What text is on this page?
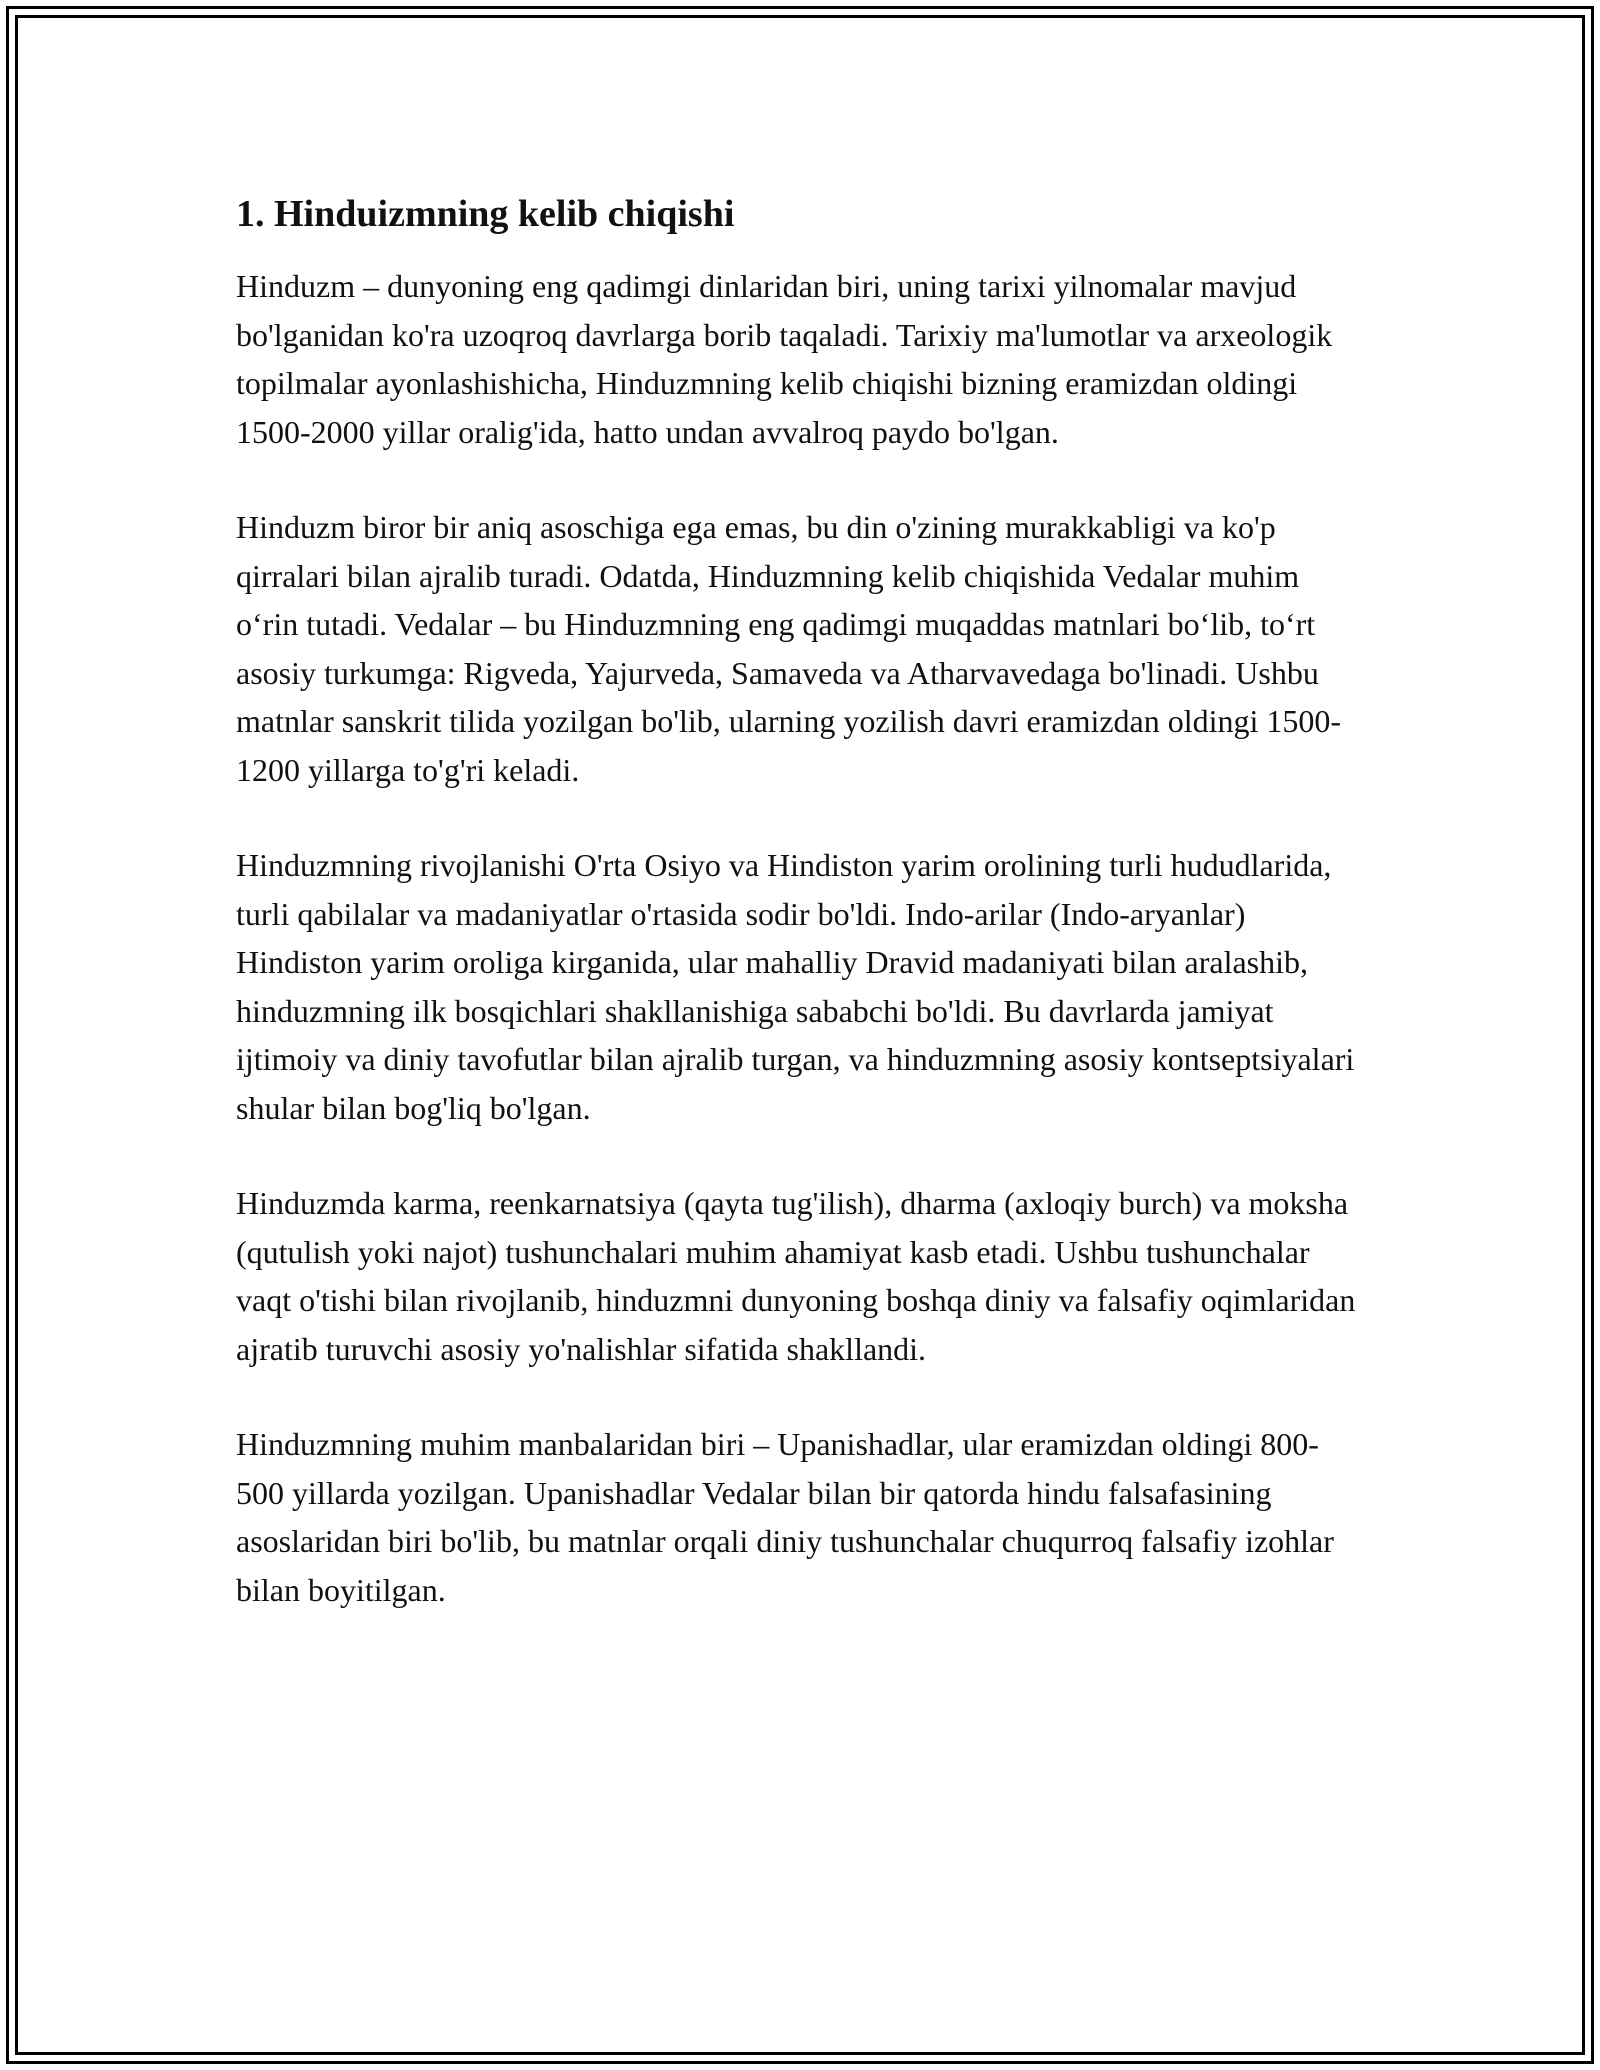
1. Hinduizmning kelib chiqishi

Hinduzm – dunyoning eng qadimgi dinlaridan biri, uning tarixi yilnomalar mavjud bo'lganidan ko'ra uzoqroq davrlarga borib taqaladi. Tarixiy ma'lumotlar va arxeologik topilmalar ayonlashishicha, Hinduzmning kelib chiqishi bizning eramizdan oldingi 1500-2000 yillar oralig'ida, hatto undan avvalroq paydo bo'lgan.

Hinduzm biror bir aniq asoschiga ega emas, bu din o'zining murakkabligi va ko'p qirralari bilan ajralib turadi. Odatda, Hinduzmning kelib chiqishida Vedalar muhim o‘rin tutadi. Vedalar – bu Hinduzmning eng qadimgi muqaddas matnlari bo‘lib, to‘rt asosiy turkumga: Rigveda, Yajurveda, Samaveda va Atharvavedaga bo'linadi. Ushbu matnlar sanskrit tilida yozilgan bo'lib, ularning yozilish davri eramizdan oldingi 1500-1200 yillarga to'g'ri keladi.

Hinduzmning rivojlanishi O'rta Osiyo va Hindiston yarim orolining turli hududlarida, turli qabilalar va madaniyatlar o'rtasida sodir bo'ldi. Indo-arilar (Indo-aryanlar) Hindiston yarim oroliga kirganida, ular mahalliy Dravid madaniyati bilan aralashib, hinduzmning ilk bosqichlari shakllanishiga sababchi bo'ldi. Bu davrlarda jamiyat ijtimoiy va diniy tavofutlar bilan ajralib turgan, va hinduzmning asosiy kontseptsiyalari shular bilan bog'liq bo'lgan.

Hinduzmda karma, reenkarnatsiya (qayta tug'ilish), dharma (axloqiy burch) va moksha (qutulish yoki najot) tushunchalari muhim ahamiyat kasb etadi. Ushbu tushunchalar vaqt o'tishi bilan rivojlanib, hinduzmni dunyoning boshqa diniy va falsafiy oqimlaridan ajratib turuvchi asosiy yo'nalishlar sifatida shakllandi.

Hinduzmning muhim manbalaridan biri – Upanishadlar, ular eramizdan oldingi 800-500 yillarda yozilgan. Upanishadlar Vedalar bilan bir qatorda hindu falsafasining asoslaridan biri bo'lib, bu matnlar orqali diniy tushunchalar chuqurroq falsafiy izohlar bilan boyitilgan.
